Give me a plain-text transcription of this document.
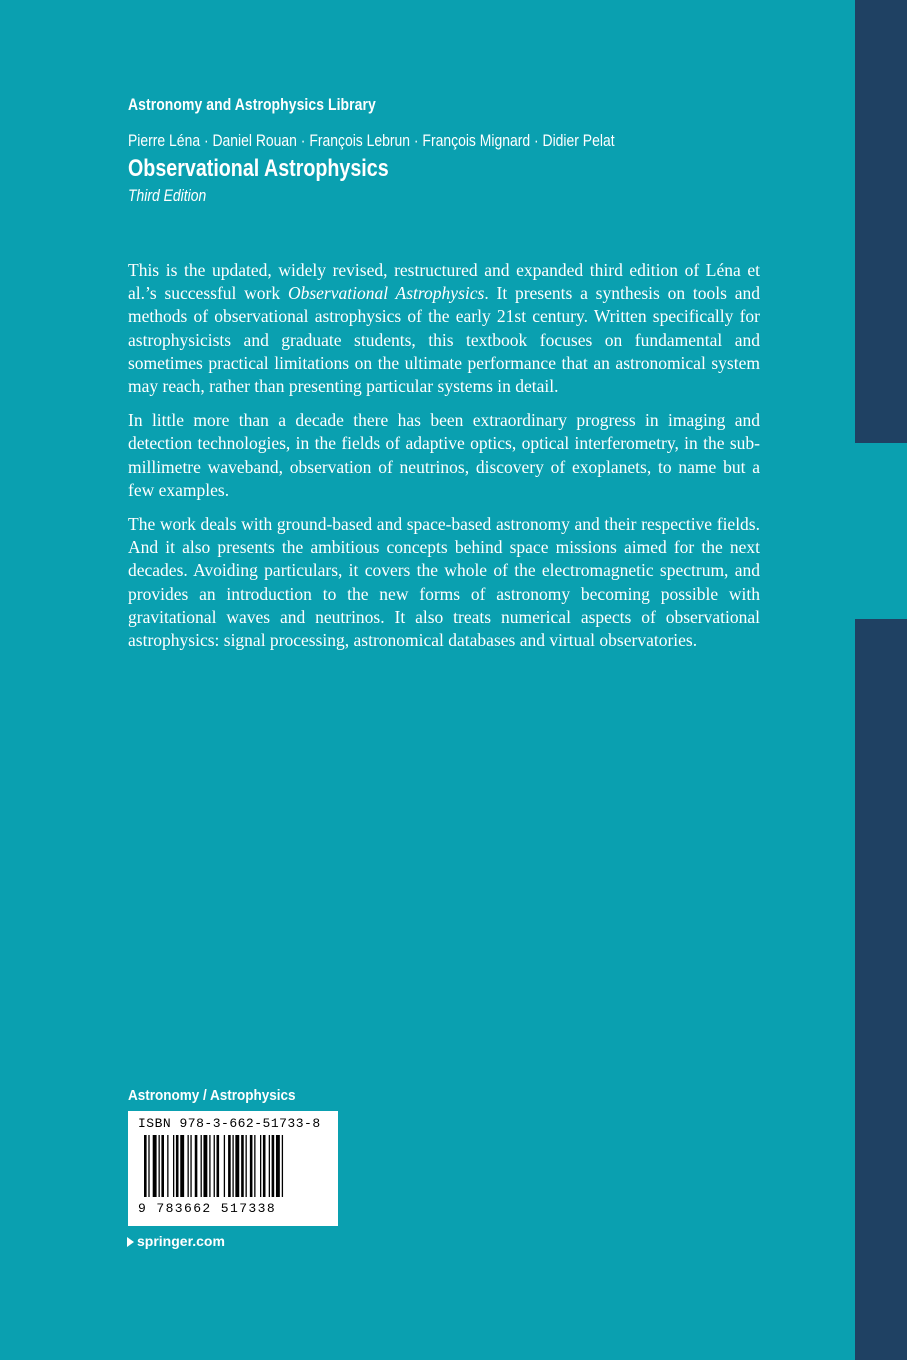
Astronomy and Astrophysics Library
Pierre Léna · Daniel Rouan · François Lebrun · François Mignard · Didier Pelat
Observational Astrophysics
Third Edition

This is the updated, widely revised, restructured and expanded third edition of Léna et al.’s successful work Observational Astrophysics. It presents a synthesis on tools and methods of observational astrophysics of the early 21st century. Written specifically for astrophysicists and graduate students, this textbook focuses on fundamental and sometimes practical limitations on the ultimate performance that an astronomical system may reach, rather than presenting particular systems in detail.

In little more than a decade there has been extraordinary progress in imaging and detection technologies, in the fields of adaptive optics, optical interferometry, in the sub-millimetre waveband, observation of neutrinos, discovery of exoplanets, to name but a few examples.

The work deals with ground-based and space-based astronomy and their respective fields. And it also presents the ambitious concepts behind space missions aimed for the next decades. Avoiding particulars, it covers the whole of the electromagnetic spectrum, and provides an introduction to the new forms of astronomy becoming possible with gravitational waves and neutrinos. It also treats numerical aspects of observational astrophysics: signal processing, astronomical databases and virtual observatories.

Astronomy / Astrophysics
ISBN 978-3-662-51733-8
9 783662 517338
springer.com
